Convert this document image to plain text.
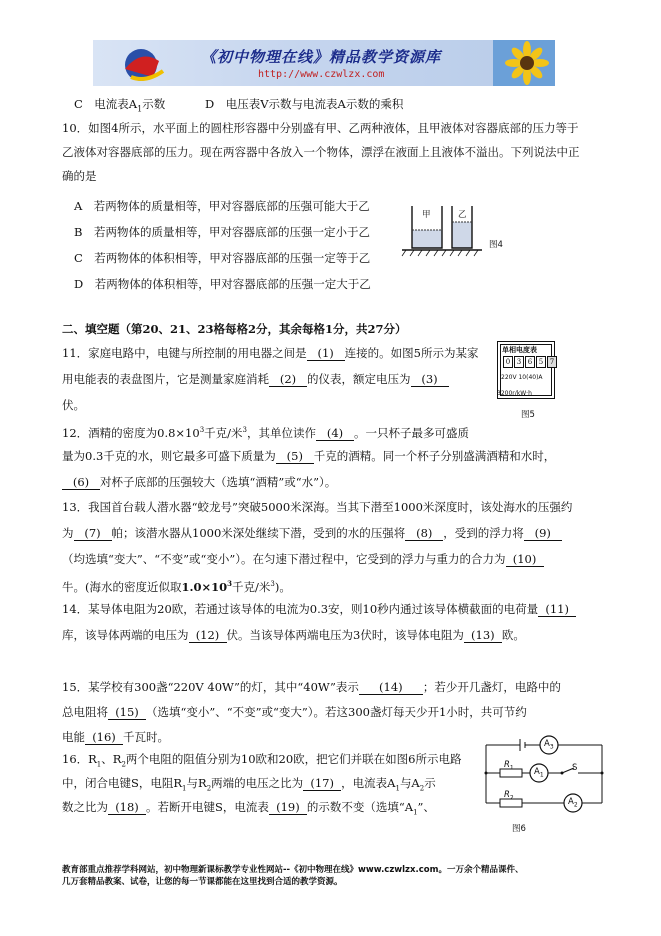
《初中物理在线》精品教学资源库
http://www.czwlzx.com
C　电流表$A_1$示数	D　电压表V示数与电流表A示数的乘积
10．如图4所示，水平面上的圆柱形容器中分别盛有甲、乙两种液体，且甲液体对容器底部的压力等于
乙液体对容器底部的压力。现在两容器中各放入一个物体，漂浮在液面上且液体不溢出。下列说法中正
确的是
A　若两物体的质量相等，甲对容器底部的压强可能大于乙
B　若两物体的质量相等，甲对容器底部的压强一定小于乙
C　若两物体的体积相等，甲对容器底部的压强一定等于乙
D　若两物体的体积相等，甲对容器底部的压强一定大于乙
甲	乙
图4
二、填空题（第20、21、23格每格2分，其余每格1分，共27分）
11．家庭电路中，电键与所控制的用电器之间是 (1) 连接的。如图5所示为某家
用电能表的表盘图片，它是测量家庭消耗 (2) 的仪表，额定电压为 (3)
伏。
单相电度表
0 3 6 5 7
220V 10(40)A
3200r/kW·h
图5
12．酒精的密度为$0.8\times 10^3$千克/米$^3$，其单位读作 (4) 。一只杯子最多可盛质
量为0.3千克的水，则它最多可盛下质量为 (5) 千克的酒精。同一个杯子分别盛满酒精和水时，
(6) 对杯子底部的压强较大（选填“酒精”或“水”）。
13．我国首台载人潜水器“蛟龙号”突破5000米深海。当其下潜至1000米深度时，该处海水的压强约
为 (7) 帕；该潜水器从1000米深处继续下潜，受到的水的压强将 (8) ，受到的浮力将 (9)
（均选填“变大”、“不变”或“变小”）。在匀速下潜过程中，它受到的浮力与重力的合力为 (10)
牛。(海水的密度近似取$1.0\times 10^3$千克/米$^3$)。
14．某导体电阻为20欧，若通过该导体的电流为0.3安，则10秒内通过该导体横截面的电荷量 (11)
库，该导体两端的电压为 (12) 伏。当该导体两端电压为3伏时，该导体电阻为 (13) 欧。
15．某学校有300盏“220V 40W”的灯，其中“40W”表示 (14) ；若少开几盏灯，电路中的
总电阻将 (15) （选填“变小”、“不变”或“变大”）。若这300盏灯每天少开1小时，共可节约
电能 (16) 千瓦时。
16．$R_1$、$R_2$两个电阻的阻值分别为10欧和20欧，把它们并联在如图6所示电路
中，闭合电键S，电阻$R_1$与$R_2$两端的电压之比为 (17) ，电流表$A_1$与$A_2$示
数之比为 (18) 。若断开电键S，电流表 (19) 的示数不变（选填“$A_1$”、
$A_3$
$A_1$
$A_2$
$R_1$
$R_2$
S
图6
教育部重点推荐学科网站，初中物理新课标教学专业性网站--《初中物理在线》www.czwlzx.com。一万余个精品课件、
几万套精品教案、试卷，让您的每一节课都能在这里找到合适的教学资源。
